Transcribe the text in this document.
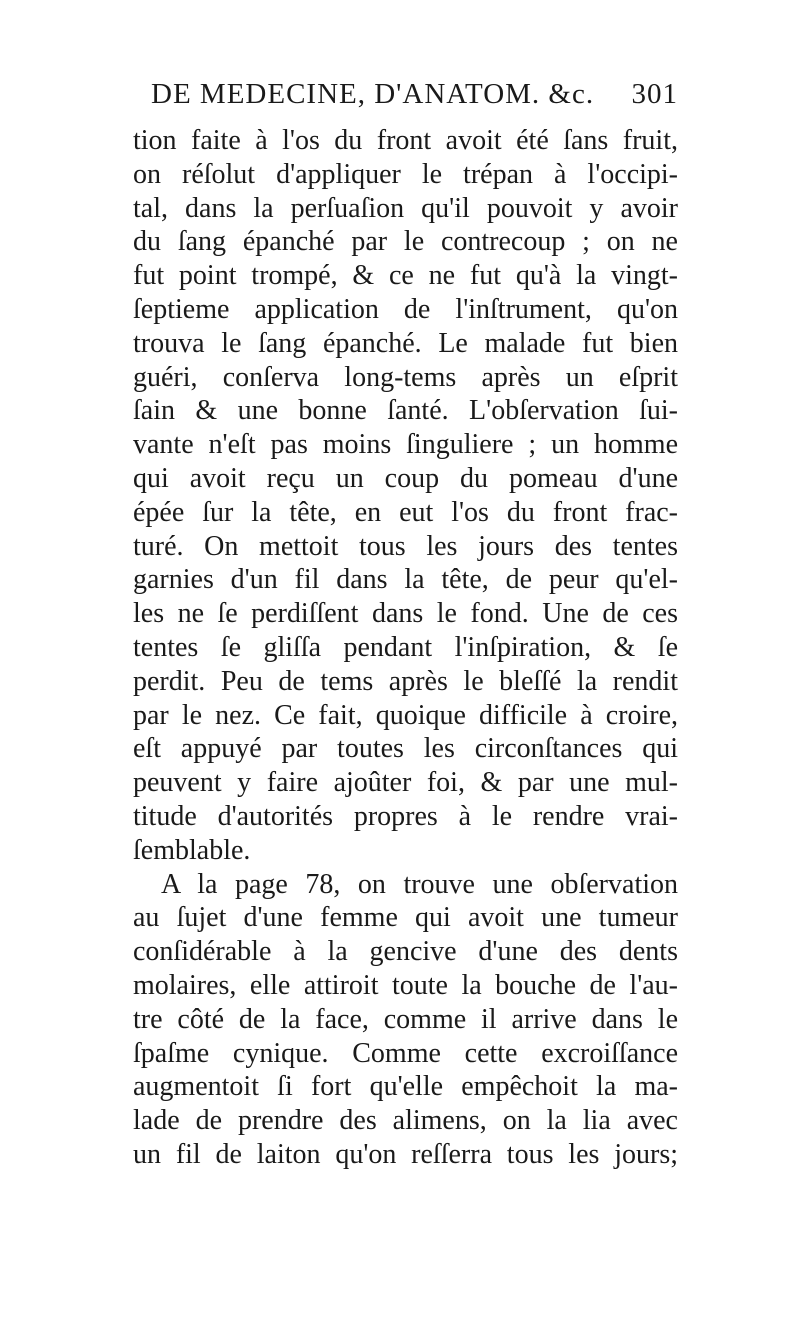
DE MEDECINE, D'ANATOM. &c. 301
tion faite à l'os du front avoit été ſans fruit,
on réſolut d'appliquer le trépan à l'occipi-
tal, dans la perſuaſion qu'il pouvoit y avoir
du ſang épanché par le contrecoup ; on ne
fut point trompé, & ce ne fut qu'à la vingt-
ſeptieme application de l'inſtrument, qu'on
trouva le ſang épanché. Le malade fut bien
guéri, conſerva long-tems après un eſprit
ſain & une bonne ſanté. L'obſervation ſui-
vante n'eſt pas moins ſinguliere ; un homme
qui avoit reçu un coup du pomeau d'une
épée ſur la tête, en eut l'os du front frac-
turé. On mettoit tous les jours des tentes
garnies d'un fil dans la tête, de peur qu'el-
les ne ſe perdiſſent dans le fond. Une de ces
tentes ſe gliſſa pendant l'inſpiration, & ſe
perdit. Peu de tems après le bleſſé la rendit
par le nez. Ce fait, quoique difficile à croire,
eſt appuyé par toutes les circonſtances qui
peuvent y faire ajoûter foi, & par une mul-
titude d'autorités propres à le rendre vrai-
ſemblable.
A la page 78, on trouve une obſervation
au ſujet d'une femme qui avoit une tumeur
conſidérable à la gencive d'une des dents
molaires, elle attiroit toute la bouche de l'au-
tre côté de la face, comme il arrive dans le
ſpaſme cynique. Comme cette excroiſſance
augmentoit ſi fort qu'elle empêchoit la ma-
lade de prendre des alimens, on la lia avec
un fil de laiton qu'on reſſerra tous les jours;
